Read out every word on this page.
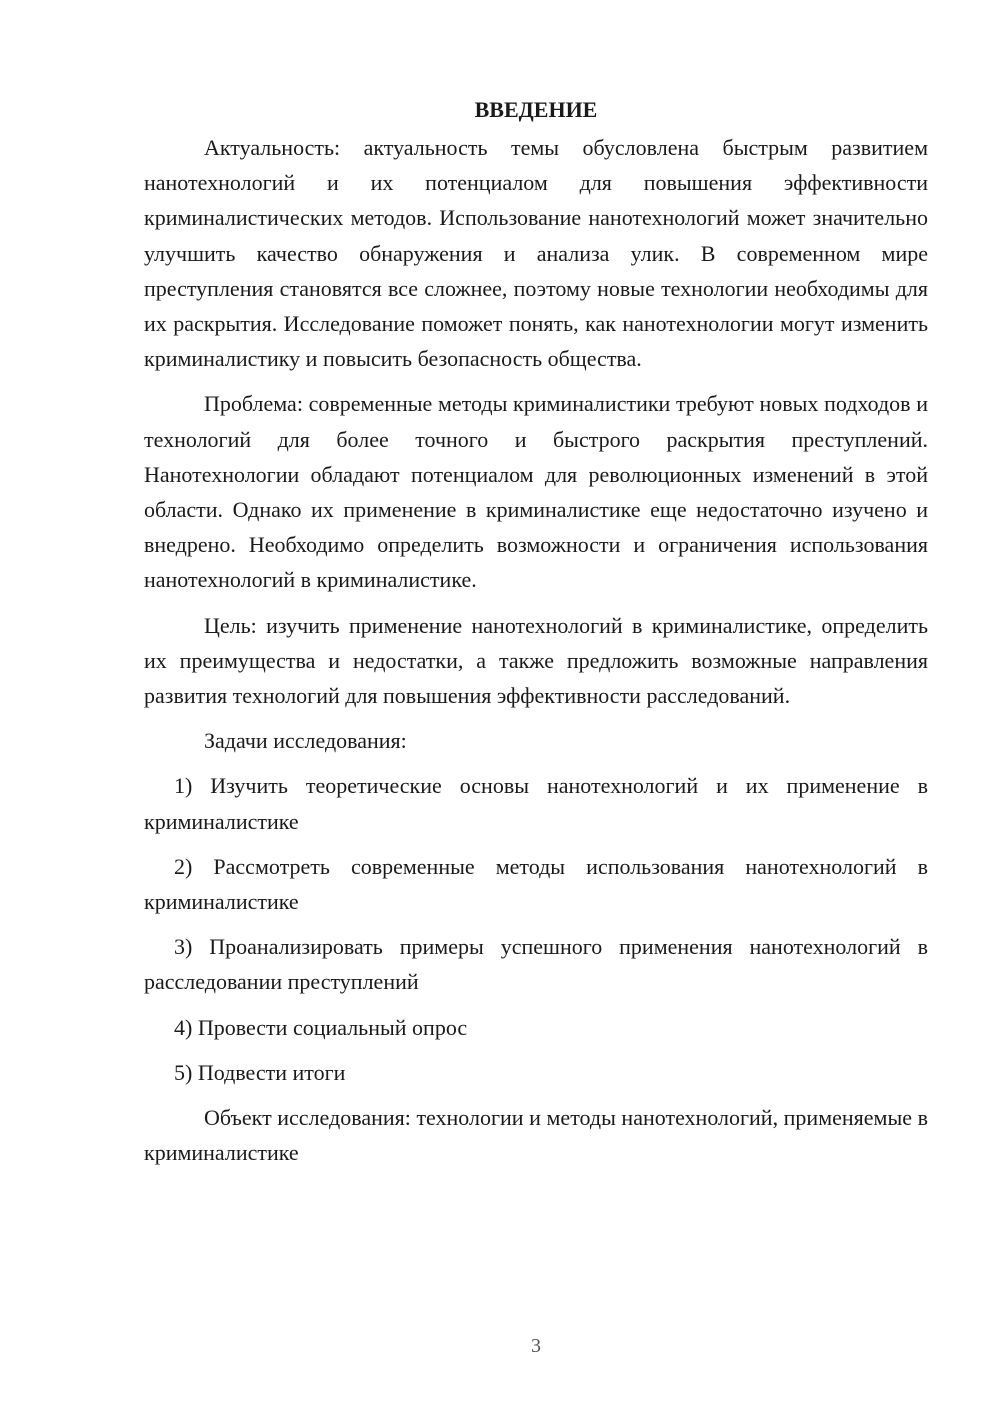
ВВЕДЕНИЕ

Актуальность: актуальность темы обусловлена быстрым развитием нанотехнологий и их потенциалом для повышения эффективности криминалистических методов. Использование нанотехнологий может значительно улучшить качество обнаружения и анализа улик. В современном мире преступления становятся все сложнее, поэтому новые технологии необходимы для их раскрытия. Исследование поможет понять, как нанотехнологии могут изменить криминалистику и повысить безопасность общества.

Проблема: современные методы криминалистики требуют новых подходов и технологий для более точного и быстрого раскрытия преступлений. Нанотехнологии обладают потенциалом для революционных изменений в этой области. Однако их применение в криминалистике еще недостаточно изучено и внедрено. Необходимо определить возможности и ограничения использования нанотехнологий в криминалистике.

Цель: изучить применение нанотехнологий в криминалистике, определить их преимущества и недостатки, а также предложить возможные направления развития технологий для повышения эффективности расследований.

Задачи исследования:

1) Изучить теоретические основы нанотехнологий и их применение в криминалистике

2) Рассмотреть современные методы использования нанотехнологий в криминалистике

3) Проанализировать примеры успешного применения нанотехнологий в расследовании преступлений

4) Провести социальный опрос

5) Подвести итоги

Объект исследования: технологии и методы нанотехнологий, применяемые в криминалистике

3
